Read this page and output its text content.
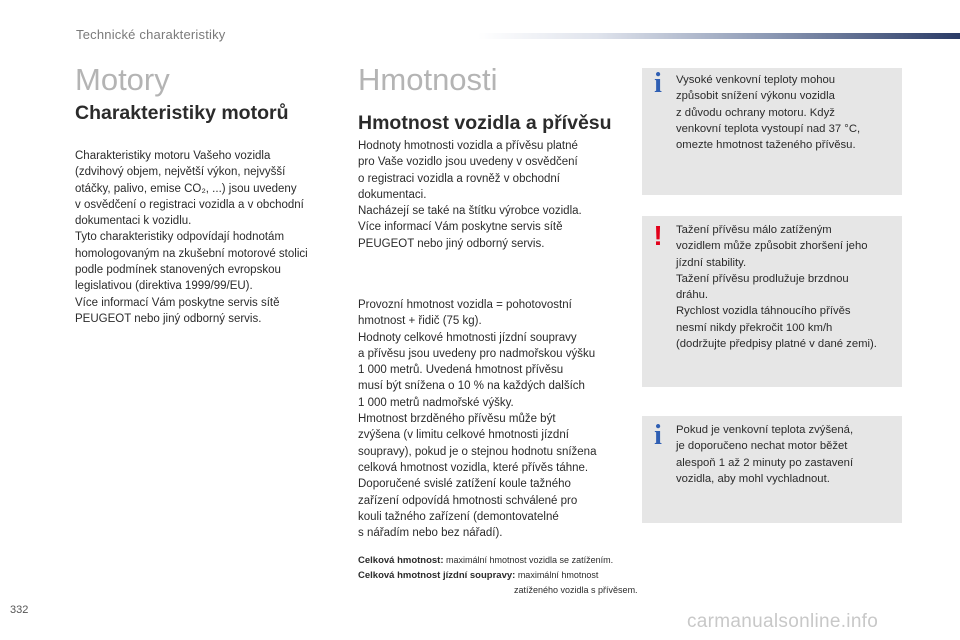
Technické charakteristiky
Motory
Charakteristiky motorů

Charakteristiky motoru Vašeho vozidla

(zdvihový objem, největší výkon, nejvyšší

otáčky, palivo, emise CO₂, ...) jsou uvedeny

v osvědčení o registraci vozidla a v obchodní

dokumentaci k vozidlu.

Tyto charakteristiky odpovídají hodnotám

homologovaným na zkušební motorové stolici

podle podmínek stanovených evropskou

legislativou (direktiva 1999/99/EU).

Více informací Vám poskytne servis sítě

PEUGEOT nebo jiný odborný servis.

Hmotnosti
Hmotnost vozidla a přívěsu

Hodnoty hmotnosti vozidla a přívěsu platné

pro Vaše vozidlo jsou uvedeny v osvědčení

o registraci vozidla a rovněž v obchodní

dokumentaci.

Nacházejí se také na štítku výrobce vozidla.

Více informací Vám poskytne servis sítě

PEUGEOT nebo jiný odborný servis.

Provozní hmotnost vozidla = pohotovostní

hmotnost + řidič (75 kg).

Hodnoty celkové hmotnosti jízdní soupravy

a přívěsu jsou uvedeny pro nadmořskou výšku

1 000 metrů. Uvedená hmotnost přívěsu

musí být snížena o 10 % na každých dalších

1 000 metrů nadmořské výšky.

Hmotnost brzděného přívěsu může být

zvýšena (v limitu celkové hmotnosti jízdní

soupravy), pokud je o stejnou hodnotu snížena

celková hmotnost vozidla, které přívěs táhne.

Doporučené svislé zatížení koule tažného

zařízení odpovídá hmotnosti schválené pro

kouli tažného zařízení (demontovatelné

s nářadím nebo bez nářadí).

Celková hmotnost: maximální hmotnost vozidla se zatížením.
Celková hmotnost jízdní soupravy: maximální hmotnost
zatíženého vozidla s přívěsem.
i	Vysoké venkovní teploty mohou

způsobit snížení výkonu vozidla

z důvodu ochrany motoru. Když

venkovní teplota vystoupí nad 37 °C,

omezte hmotnost taženého přívěsu.

!	Tažení přívěsu málo zatíženým

vozidlem může způsobit zhoršení jeho

jízdní stability.

Tažení přívěsu prodlužuje brzdnou

dráhu.

Rychlost vozidla táhnoucího přívěs

nesmí nikdy překročit 100 km/h

(dodržujte předpisy platné v dané zemi).

i	Pokud je venkovní teplota zvýšená,

je doporučeno nechat motor běžet

alespoň 1 až 2 minuty po zastavení

vozidla, aby mohl vychladnout.

332
carmanualsonline.info
